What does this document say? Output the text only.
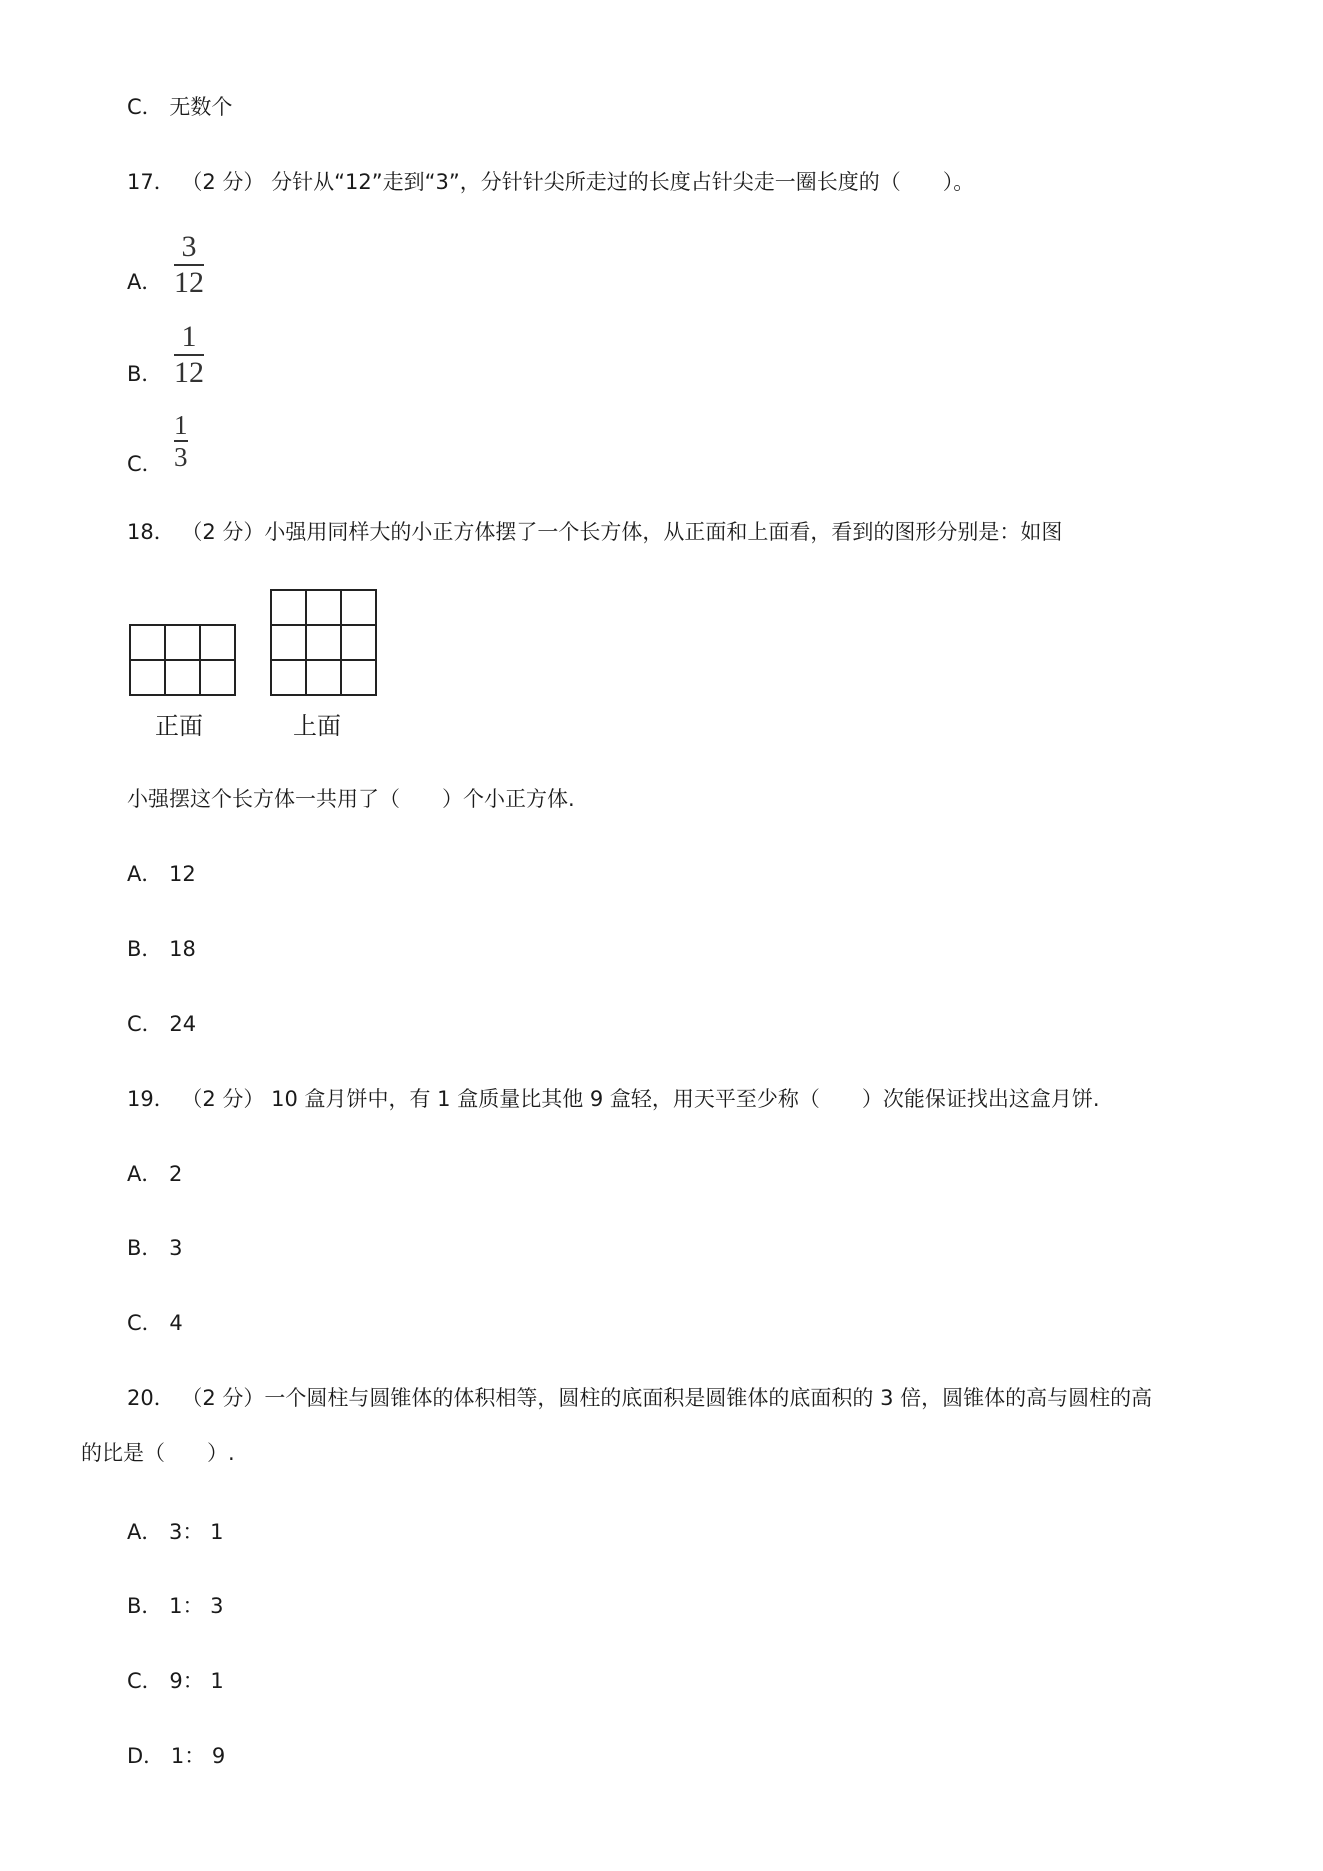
C． 无数个
17． （2 分） 分针从“12”走到“3”，分针针尖所走过的长度占针尖走一圈长度的（　　）。
A．
3
12
B．
1
12
C．
1
3
18． （2 分）小强用同样大的小正方体摆了一个长方体，从正面和上面看，看到的图形分别是：如图
正面	上面
小强摆这个长方体一共用了（　　）个小正方体.
A． 12
B． 18
C． 24
19． （2 分） 10 盒月饼中，有 1 盒质量比其他 9 盒轻，用天平至少称（　　）次能保证找出这盒月饼.
A． 2
B． 3
C． 4
20． （2 分）一个圆柱与圆锥体的体积相等，圆柱的底面积是圆锥体的底面积的 3 倍，圆锥体的高与圆柱的高
的比是（　　）.
A． 3： 1
B． 1： 3
C． 9： 1
D． 1： 9
